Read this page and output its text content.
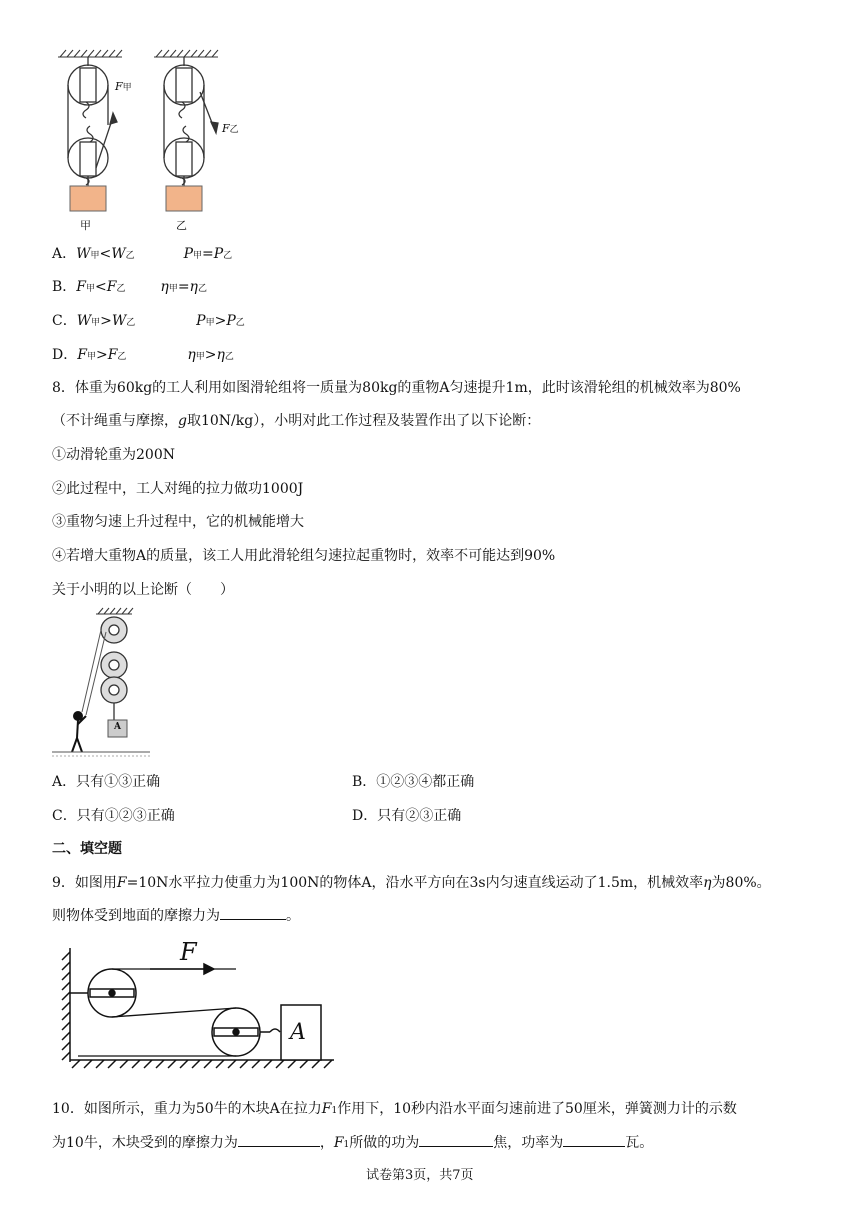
F甲
F乙
甲	乙
A．W甲<W乙	P甲=P乙
B．F甲<F乙 η甲=η乙
C．W甲>W乙	P甲>P乙
D．F甲>F乙	η甲>η乙
8．体重为60kg的工人利用如图滑轮组将一质量为80kg的重物A匀速提升1m，此时该滑轮组的机械效率为80%
（不计绳重与摩擦，g取10N/kg），小明对此工作过程及装置作出了以下论断：
①动滑轮重为200N
②此过程中，工人对绳的拉力做功1000J
③重物匀速上升过程中，它的机械能增大
④若增大重物A的质量，该工人用此滑轮组匀速拉起重物时，效率不可能达到90%
关于小明的以上论断（　　）
A
A．只有①③正确	B．①②③④都正确
C．只有①②③正确	D．只有②③正确
二、填空题
9．如图用F=10N水平拉力使重力为100N的物体A，沿水平方向在3s内匀速直线运动了1.5m，机械效率η为80%。
则物体受到地面的摩擦力为	。
F
A
10．如图所示，重力为50牛的木块A在拉力F1作用下，10秒内沿水平面匀速前进了50厘米，弹簧测力计的示数
为10牛，木块受到的摩擦力为	，F1所做的功为	焦，功率为	瓦。
试卷第3页，共7页
